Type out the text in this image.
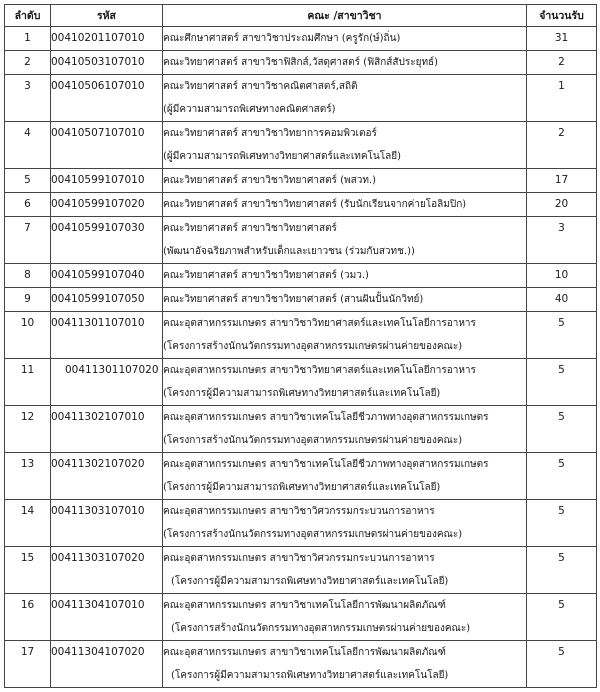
ลำดับ	รหัส	คณะ /สาขาวิชา	จำนวนรับ

1	00410201107010	คณะศึกษาศาสตร์ สาขาวิชาประถมศึกษา (ครูรัก(ษ์)ถิ่น)	31

2	00410503107010	คณะวิทยาศาสตร์ สาขาวิชาฟิสิกส์,วัสดุศาสตร์ (ฟิสิกส์สัประยุทธ์)	2

3	00410506107010	คณะวิทยาศาสตร์ สาขาวิชาคณิตศาสตร์,สถิติ
(ผู้มีความสามารถพิเศษทางคณิตศาสตร์)	1

4	00410507107010	คณะวิทยาศาสตร์ สาขาวิชาวิทยาการคอมพิวเตอร์
(ผู้มีความสามารถพิเศษทางวิทยาศาสตร์และเทคโนโลยี)	2

5	00410599107010	คณะวิทยาศาสตร์ สาขาวิชาวิทยาศาสตร์ (พสวท.)	17

6	00410599107020	คณะวิทยาศาสตร์ สาขาวิชาวิทยาศาสตร์ (รับนักเรียนจากค่ายโอลิมปิก)	20

7	00410599107030	คณะวิทยาศาสตร์ สาขาวิชาวิทยาศาสตร์
(พัฒนาอัจฉริยภาพสำหรับเด็กและเยาวชน (ร่วมกับสวทช.))	3

8	00410599107040	คณะวิทยาศาสตร์ สาขาวิชาวิทยาศาสตร์ (วมว.)	10

9	00410599107050	คณะวิทยาศาสตร์ สาขาวิชาวิทยาศาสตร์ (สานฝันปั้นนักวิทย์)	40

10	00411301107010	คณะอุตสาหกรรมเกษตร สาขาวิชาวิทยาศาสตร์และเทคโนโลยีการอาหาร
(โครงการสร้างนักนวัตกรรมทางอุตสาหกรรมเกษตรผ่านค่ายของคณะ)	5

11	00411301107020	คณะอุตสาหกรรมเกษตร สาขาวิชาวิทยาศาสตร์และเทคโนโลยีการอาหาร
(โครงการผู้มีความสามารถพิเศษทางวิทยาศาสตร์และเทคโนโลยี)	5

12	00411302107010	คณะอุตสาหกรรมเกษตร สาขาวิชาเทคโนโลยีชีวภาพทางอุตสาหกรรมเกษตร
(โครงการสร้างนักนวัตกรรมทางอุตสาหกรรมเกษตรผ่านค่ายของคณะ)	5

13	00411302107020	คณะอุตสาหกรรมเกษตร สาขาวิชาเทคโนโลยีชีวภาพทางอุตสาหกรรมเกษตร
(โครงการผู้มีความสามารถพิเศษทางวิทยาศาสตร์และเทคโนโลยี)	5

14	00411303107010	คณะอุตสาหกรรมเกษตร สาขาวิชาวิศวกรรมกระบวนการอาหาร
(โครงการสร้างนักนวัตกรรมทางอุตสาหกรรมเกษตรผ่านค่ายของคณะ)	5

15	00411303107020	คณะอุตสาหกรรมเกษตร สาขาวิชาวิศวกรรมกระบวนการอาหาร
(โครงการผู้มีความสามารถพิเศษทางวิทยาศาสตร์และเทคโนโลยี)	5

16	00411304107010	คณะอุตสาหกรรมเกษตร สาขาวิชาเทคโนโลยีการพัฒนาผลิตภัณฑ์
(โครงการสร้างนักนวัตกรรมทางอุตสาหกรรมเกษตรผ่านค่ายของคณะ)	5

17	00411304107020	คณะอุตสาหกรรมเกษตร สาขาวิชาเทคโนโลยีการพัฒนาผลิตภัณฑ์
(โครงการผู้มีความสามารถพิเศษทางวิทยาศาสตร์และเทคโนโลยี)	5
